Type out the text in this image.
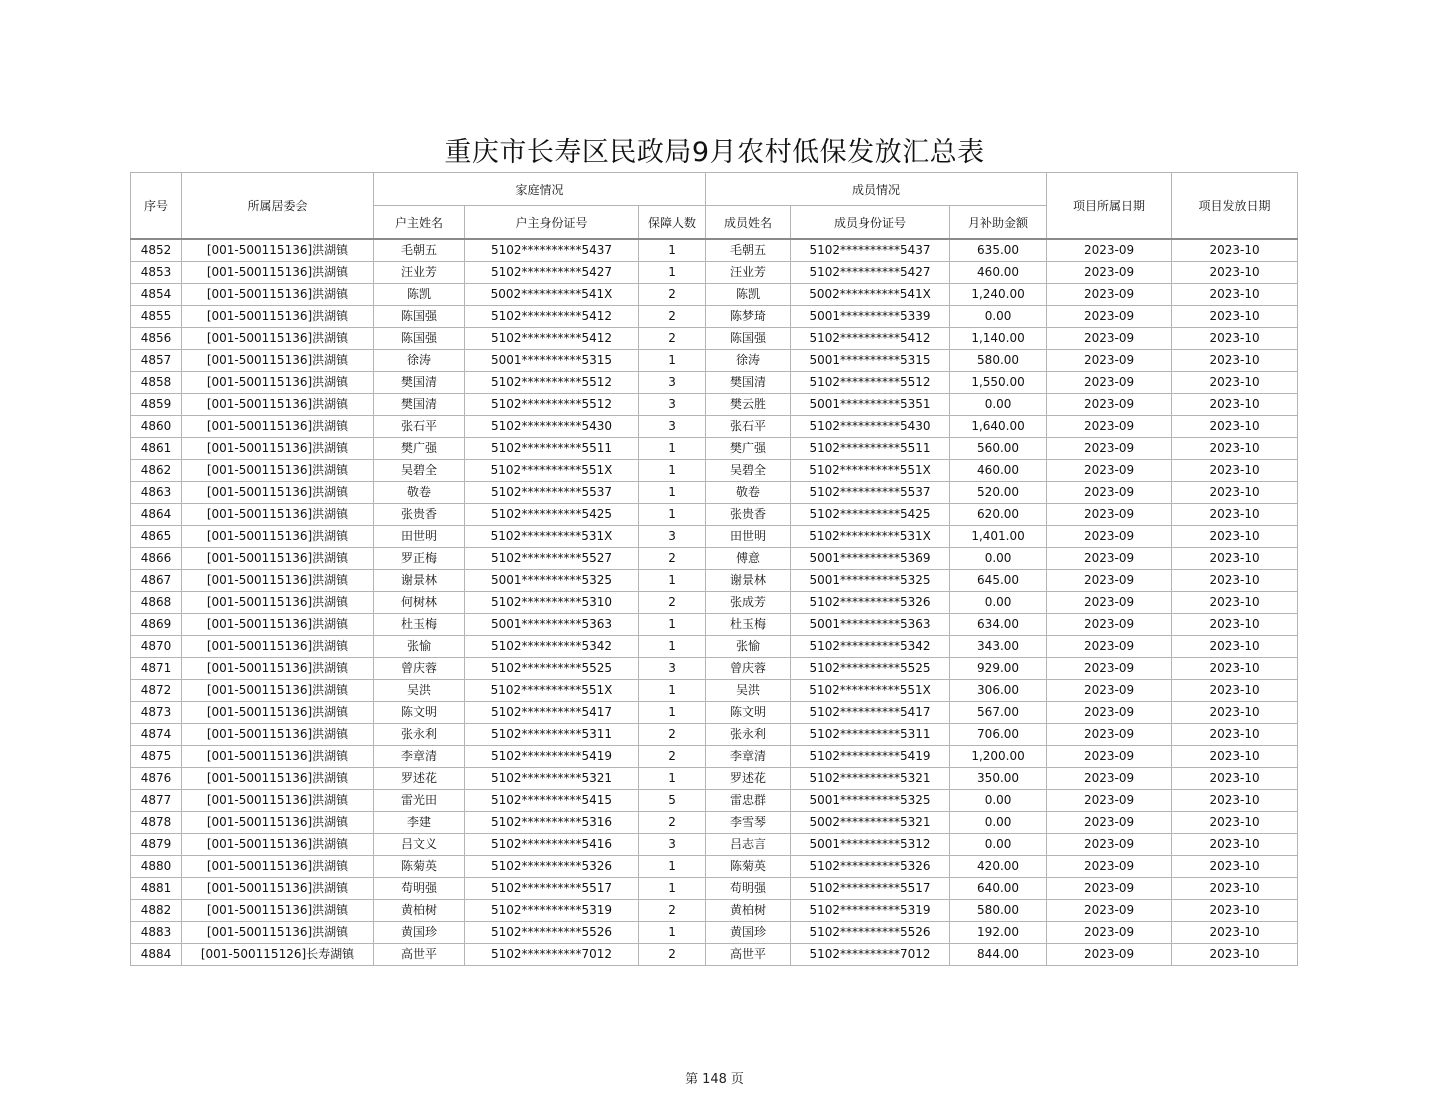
重庆市长寿区民政局9月农村低保发放汇总表
序号	所属居委会	家庭情况			成员情况			项目所属日期	项目发放日期
		户主姓名	户主身份证号	保障人数	成员姓名	成员身份证号	月补助金额		
4852	[001-500115136]洪湖镇	毛朝五	5102**********5437	1	毛朝五	5102**********5437	635.00	2023-09	2023-10
4853	[001-500115136]洪湖镇	汪业芳	5102**********5427	1	汪业芳	5102**********5427	460.00	2023-09	2023-10
4854	[001-500115136]洪湖镇	陈凯	5002**********541X	2	陈凯	5002**********541X	1,240.00	2023-09	2023-10
4855	[001-500115136]洪湖镇	陈国强	5102**********5412	2	陈梦琦	5001**********5339	0.00	2023-09	2023-10
4856	[001-500115136]洪湖镇	陈国强	5102**********5412	2	陈国强	5102**********5412	1,140.00	2023-09	2023-10
4857	[001-500115136]洪湖镇	徐涛	5001**********5315	1	徐涛	5001**********5315	580.00	2023-09	2023-10
4858	[001-500115136]洪湖镇	樊国清	5102**********5512	3	樊国清	5102**********5512	1,550.00	2023-09	2023-10
4859	[001-500115136]洪湖镇	樊国清	5102**********5512	3	樊云胜	5001**********5351	0.00	2023-09	2023-10
4860	[001-500115136]洪湖镇	张石平	5102**********5430	3	张石平	5102**********5430	1,640.00	2023-09	2023-10
4861	[001-500115136]洪湖镇	樊广强	5102**********5511	1	樊广强	5102**********5511	560.00	2023-09	2023-10
4862	[001-500115136]洪湖镇	吴碧全	5102**********551X	1	吴碧全	5102**********551X	460.00	2023-09	2023-10
4863	[001-500115136]洪湖镇	敬卷	5102**********5537	1	敬卷	5102**********5537	520.00	2023-09	2023-10
4864	[001-500115136]洪湖镇	张贵香	5102**********5425	1	张贵香	5102**********5425	620.00	2023-09	2023-10
4865	[001-500115136]洪湖镇	田世明	5102**********531X	3	田世明	5102**********531X	1,401.00	2023-09	2023-10
4866	[001-500115136]洪湖镇	罗正梅	5102**********5527	2	傅意	5001**********5369	0.00	2023-09	2023-10
4867	[001-500115136]洪湖镇	谢景林	5001**********5325	1	谢景林	5001**********5325	645.00	2023-09	2023-10
4868	[001-500115136]洪湖镇	何树林	5102**********5310	2	张成芳	5102**********5326	0.00	2023-09	2023-10
4869	[001-500115136]洪湖镇	杜玉梅	5001**********5363	1	杜玉梅	5001**********5363	634.00	2023-09	2023-10
4870	[001-500115136]洪湖镇	张愉	5102**********5342	1	张愉	5102**********5342	343.00	2023-09	2023-10
4871	[001-500115136]洪湖镇	曾庆蓉	5102**********5525	3	曾庆蓉	5102**********5525	929.00	2023-09	2023-10
4872	[001-500115136]洪湖镇	吴洪	5102**********551X	1	吴洪	5102**********551X	306.00	2023-09	2023-10
4873	[001-500115136]洪湖镇	陈文明	5102**********5417	1	陈文明	5102**********5417	567.00	2023-09	2023-10
4874	[001-500115136]洪湖镇	张永利	5102**********5311	2	张永利	5102**********5311	706.00	2023-09	2023-10
4875	[001-500115136]洪湖镇	李章清	5102**********5419	2	李章清	5102**********5419	1,200.00	2023-09	2023-10
4876	[001-500115136]洪湖镇	罗述花	5102**********5321	1	罗述花	5102**********5321	350.00	2023-09	2023-10
4877	[001-500115136]洪湖镇	雷光田	5102**********5415	5	雷忠群	5001**********5325	0.00	2023-09	2023-10
4878	[001-500115136]洪湖镇	李建	5102**********5316	2	李雪琴	5002**********5321	0.00	2023-09	2023-10
4879	[001-500115136]洪湖镇	吕文义	5102**********5416	3	吕志言	5001**********5312	0.00	2023-09	2023-10
4880	[001-500115136]洪湖镇	陈菊英	5102**********5326	1	陈菊英	5102**********5326	420.00	2023-09	2023-10
4881	[001-500115136]洪湖镇	苟明强	5102**********5517	1	苟明强	5102**********5517	640.00	2023-09	2023-10
4882	[001-500115136]洪湖镇	黄柏树	5102**********5319	2	黄柏树	5102**********5319	580.00	2023-09	2023-10
4883	[001-500115136]洪湖镇	黄国珍	5102**********5526	1	黄国珍	5102**********5526	192.00	2023-09	2023-10
4884	[001-500115126]长寿湖镇	高世平	5102**********7012	2	高世平	5102**********7012	844.00	2023-09	2023-10
第 148 页
